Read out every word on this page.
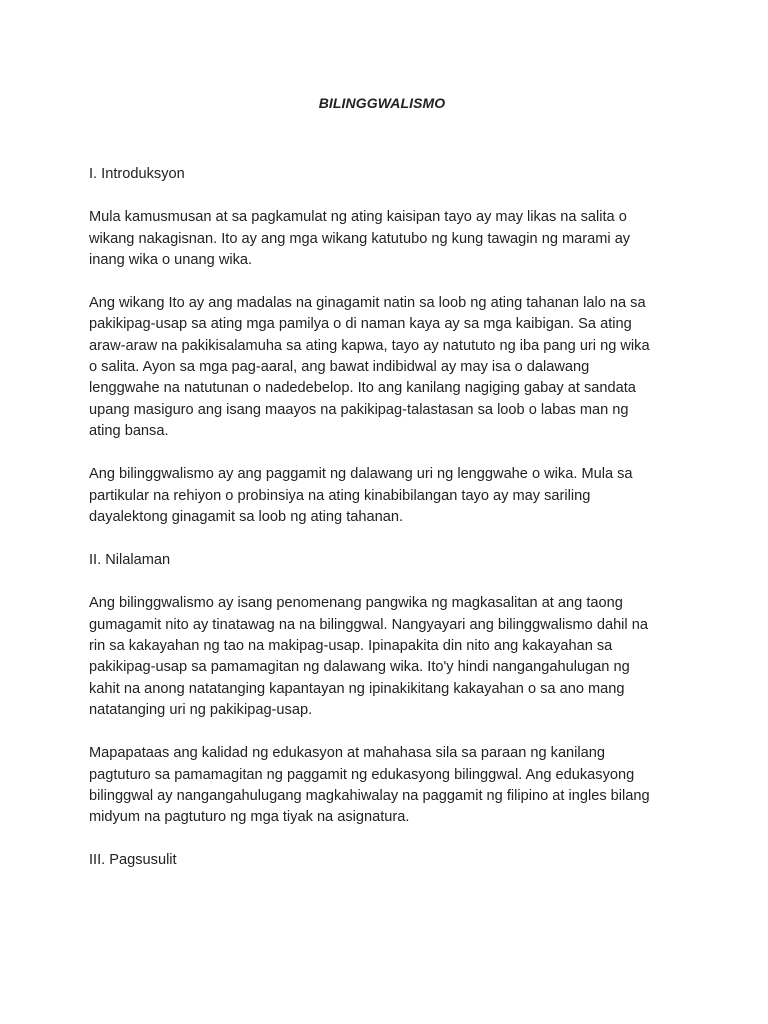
BILINGGWALISMO
I. Introduksyon

Mula kamusmusan at sa pagkamulat ng ating kaisipan tayo ay may likas na salita o
wikang nakagisnan. Ito ay ang mga wikang katutubo ng kung tawagin ng marami ay
inang wika o unang wika.

Ang wikang Ito ay ang madalas na ginagamit natin sa loob ng ating tahanan lalo na sa
pakikipag-usap sa ating mga pamilya o di naman kaya ay sa mga kaibigan. Sa ating
araw-araw na pakikisalamuha sa ating kapwa, tayo ay natututo ng iba pang uri ng wika
o salita. Ayon sa mga pag-aaral, ang bawat indibidwal ay may isa o dalawang
lenggwahe na natutunan o nadedebelop. Ito ang kanilang nagiging gabay at sandata
upang masiguro ang isang maayos na pakikipag-talastasan sa loob o labas man ng
ating bansa.

Ang bilinggwalismo ay ang paggamit ng dalawang uri ng lenggwahe o wika. Mula sa
partikular na rehiyon o probinsiya na ating kinabibilangan tayo ay may sariling
dayalektong ginagamit sa loob ng ating tahanan.

II. Nilalaman

Ang bilinggwalismo ay isang penomenang pangwika ng magkasalitan at ang taong
gumagamit nito ay tinatawag na na bilinggwal. Nangyayari ang bilinggwalismo dahil na
rin sa kakayahan ng tao na makipag-usap. Ipinapakita din nito ang kakayahan sa
pakikipag-usap sa pamamagitan ng dalawang wika. Ito'y hindi nangangahulugan ng
kahit na anong natatanging kapantayan ng ipinakikitang kakayahan o sa ano mang
natatanging uri ng pakikipag-usap.

Mapapataas ang kalidad ng edukasyon at mahahasa sila sa paraan ng kanilang
pagtuturo sa pamamagitan ng paggamit ng edukasyong bilinggwal. Ang edukasyong
bilinggwal ay nangangahulugang magkahiwalay na paggamit ng filipino at ingles bilang
midyum na pagtuturo ng mga tiyak na asignatura.

III. Pagsusulit
